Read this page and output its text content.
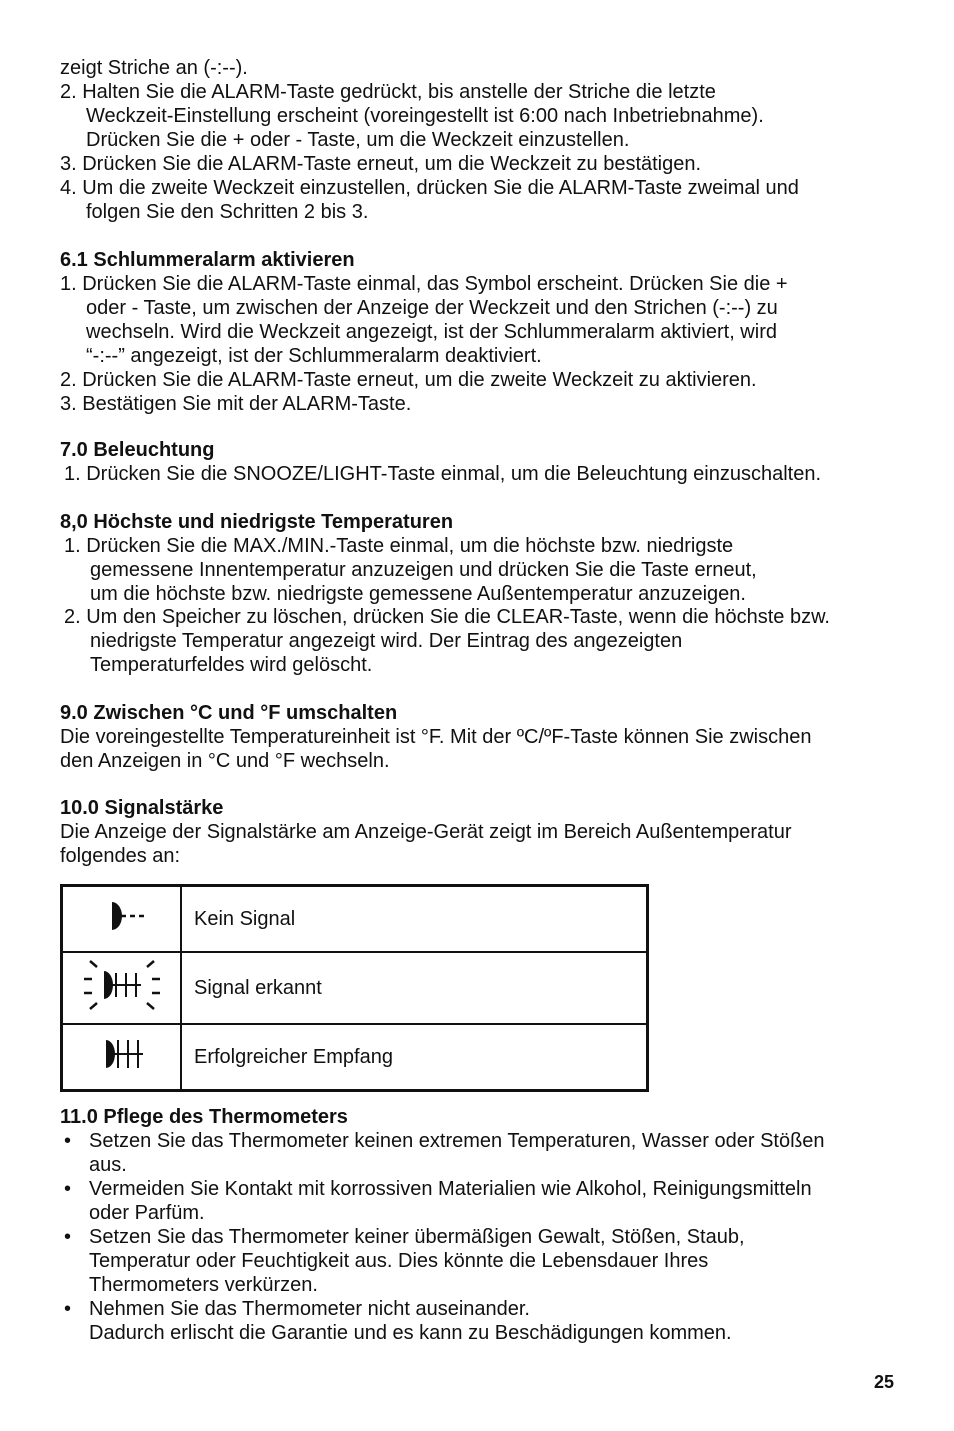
zeigt Striche an (-:--).
2. Halten Sie die ALARM-Taste gedrückt, bis anstelle der Striche die letzte
Weckzeit-Einstellung erscheint (voreingestellt ist 6:00 nach Inbetriebnahme).
Drücken Sie die + oder - Taste, um die Weckzeit einzustellen.
3. Drücken Sie die ALARM-Taste erneut, um die Weckzeit zu bestätigen.
4. Um die zweite Weckzeit einzustellen, drücken Sie die ALARM-Taste zweimal und
folgen Sie den Schritten 2 bis 3.
6.1 Schlummeralarm aktivieren
1. Drücken Sie die ALARM-Taste einmal, das Symbol erscheint. Drücken Sie die +
oder - Taste, um zwischen der Anzeige der Weckzeit und den Strichen (-:--) zu
wechseln. Wird die Weckzeit angezeigt, ist der Schlummeralarm aktiviert, wird
“-:--” angezeigt, ist der Schlummeralarm deaktiviert.
2. Drücken Sie die ALARM-Taste erneut, um die zweite Weckzeit zu aktivieren.
3. Bestätigen Sie mit der ALARM-Taste.
7.0 Beleuchtung
1. Drücken Sie die SNOOZE/LIGHT-Taste einmal, um die Beleuchtung einzuschalten.
8,0 Höchste und niedrigste Temperaturen
1. Drücken Sie die MAX./MIN.-Taste einmal, um die höchste bzw. niedrigste
gemessene Innentemperatur anzuzeigen und drücken Sie die Taste erneut,
um die höchste bzw. niedrigste gemessene Außentemperatur anzuzeigen.
2. Um den Speicher zu löschen, drücken Sie die CLEAR-Taste, wenn die höchste bzw.
niedrigste Temperatur angezeigt wird. Der Eintrag des angezeigten
Temperaturfeldes wird gelöscht.
9.0 Zwischen °C und °F umschalten
Die voreingestellte Temperatureinheit ist °F. Mit der ºC/ºF-Taste können Sie zwischen
den Anzeigen in °C und °F wechseln.
10.0 Signalstärke
Die Anzeige der Signalstärke am Anzeige-Gerät zeigt im Bereich Außentemperatur
folgendes an:
	Kein Signal
	Signal erkannt
	Erfolgreicher Empfang
11.0 Pflege des Thermometers
• Setzen Sie das Thermometer keinen extremen Temperaturen, Wasser oder Stößen
aus.
• Vermeiden Sie Kontakt mit korrossiven Materialien wie Alkohol, Reinigungsmitteln
oder Parfüm.
• Setzen Sie das Thermometer keiner übermäßigen Gewalt, Stößen, Staub,
Temperatur oder Feuchtigkeit aus. Dies könnte die Lebensdauer Ihres
Thermometers verkürzen.
• Nehmen Sie das Thermometer nicht auseinander.
Dadurch erlischt die Garantie und es kann zu Beschädigungen kommen.
25
